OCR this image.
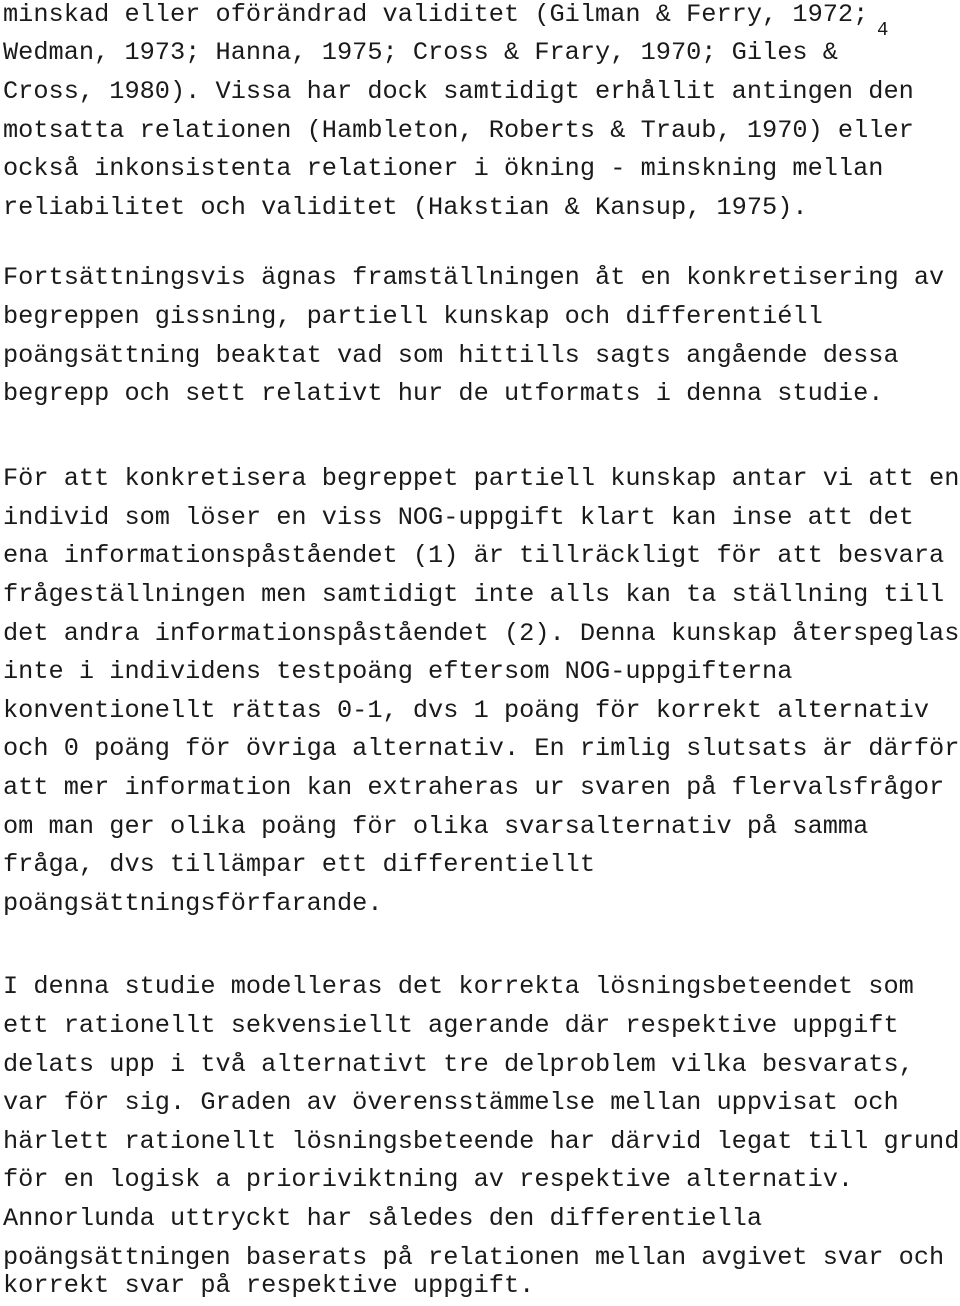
4
minskad eller oförändrad validitet (Gilman & Ferry, 1972;
Wedman, 1973; Hanna, 1975; Cross & Frary, 1970; Giles &
Cross, 1980). Vissa har dock samtidigt erhållit antingen den
motsatta relationen (Hambleton, Roberts & Traub, 1970) eller
också inkonsistenta relationer i ökning - minskning mellan
reliabilitet och validitet (Hakstian & Kansup, 1975).
Fortsättningsvis ägnas framställningen åt en konkretisering av
begreppen gissning, partiell kunskap och differentiéll
poängsättning beaktat vad som hittills sagts angående dessa
begrepp och sett relativt hur de utformats i denna studie.
För att konkretisera begreppet partiell kunskap antar vi att en
individ som löser en viss NOG-uppgift klart kan inse att det
ena informationspåståendet (1) är tillräckligt för att besvara
frågeställningen men samtidigt inte alls kan ta ställning till
det andra informationspåståendet (2). Denna kunskap återspeglas
inte i individens testpoäng eftersom NOG-uppgifterna
konventionellt rättas 0-1, dvs 1 poäng för korrekt alternativ
och 0 poäng för övriga alternativ. En rimlig slutsats är därför
att mer information kan extraheras ur svaren på flervalsfrågor
om man ger olika poäng för olika svarsalternativ på samma
fråga, dvs tillämpar ett differentiellt
poängsättningsförfarande.
I denna studie modelleras det korrekta lösningsbeteendet som
ett rationellt sekvensiellt agerande där respektive uppgift
delats upp i två alternativt tre delproblem vilka besvarats,
var för sig. Graden av överensstämmelse mellan uppvisat och
härlett rationellt lösningsbeteende har därvid legat till grund
för en logisk a prioriviktning av respektive alternativ.
Annorlunda uttryckt har således den differentiella
poängsättningen baserats på relationen mellan avgivet svar och
korrekt svar på respektive uppgift.
